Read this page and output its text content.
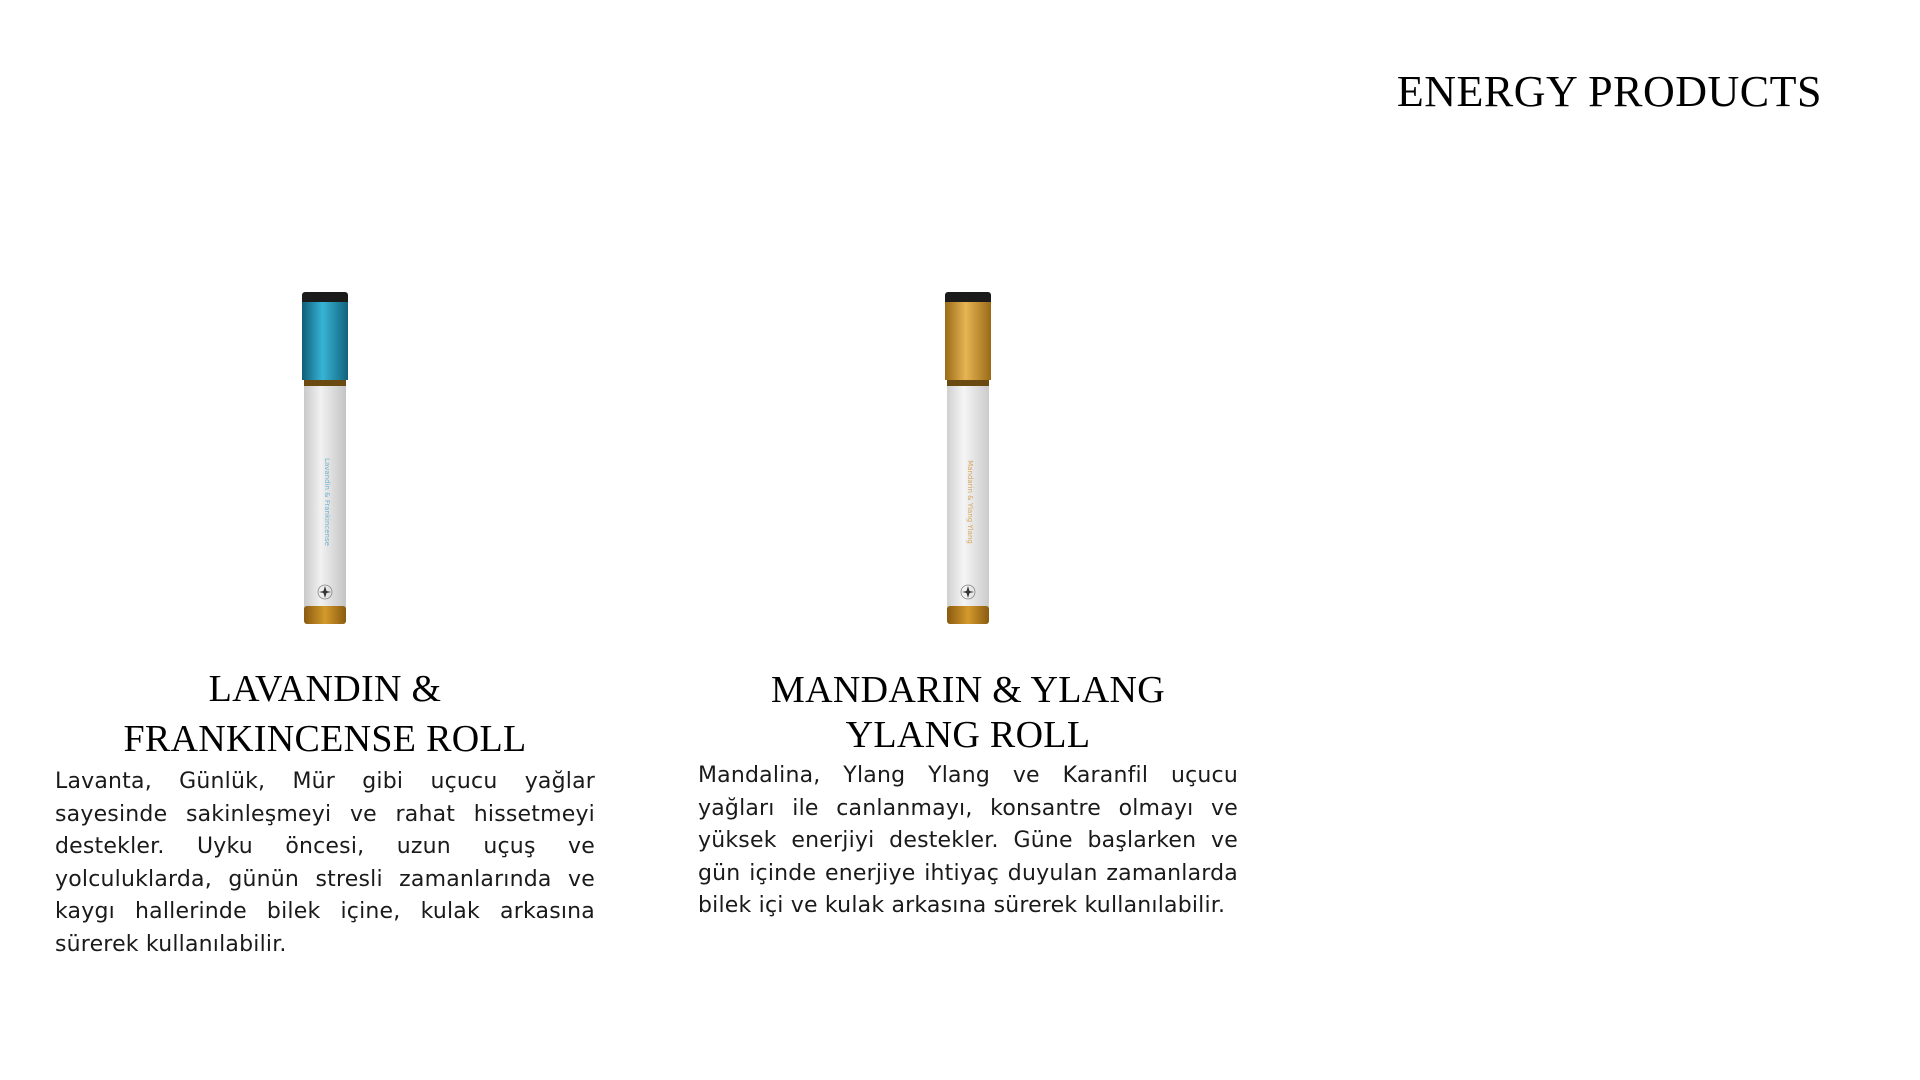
ENERGY PRODUCTS
Lavandin & Frankincense
LAVANDIN & FRANKINCENSE ROLL

Lavanta, Günlük, Mür gibi uçucu yağlar sayesinde sakinleşmeyi ve rahat hissetmeyi destekler. Uyku öncesi, uzun uçuş ve yolculuklarda, günün stresli zamanlarında ve kaygı hallerinde bilek içine, kulak arkasına sürerek kullanılabilir.

Mandarin & Ylang Ylang
MANDARIN & YLANG YLANG ROLL

Mandalina, Ylang Ylang ve Karanfil uçucu yağları ile canlanmayı, konsantre olmayı ve yüksek enerjiyi destekler. Güne başlarken ve gün içinde enerjiye ihtiyaç duyulan zamanlarda bilek içi ve kulak arkasına sürerek kullanılabilir.
